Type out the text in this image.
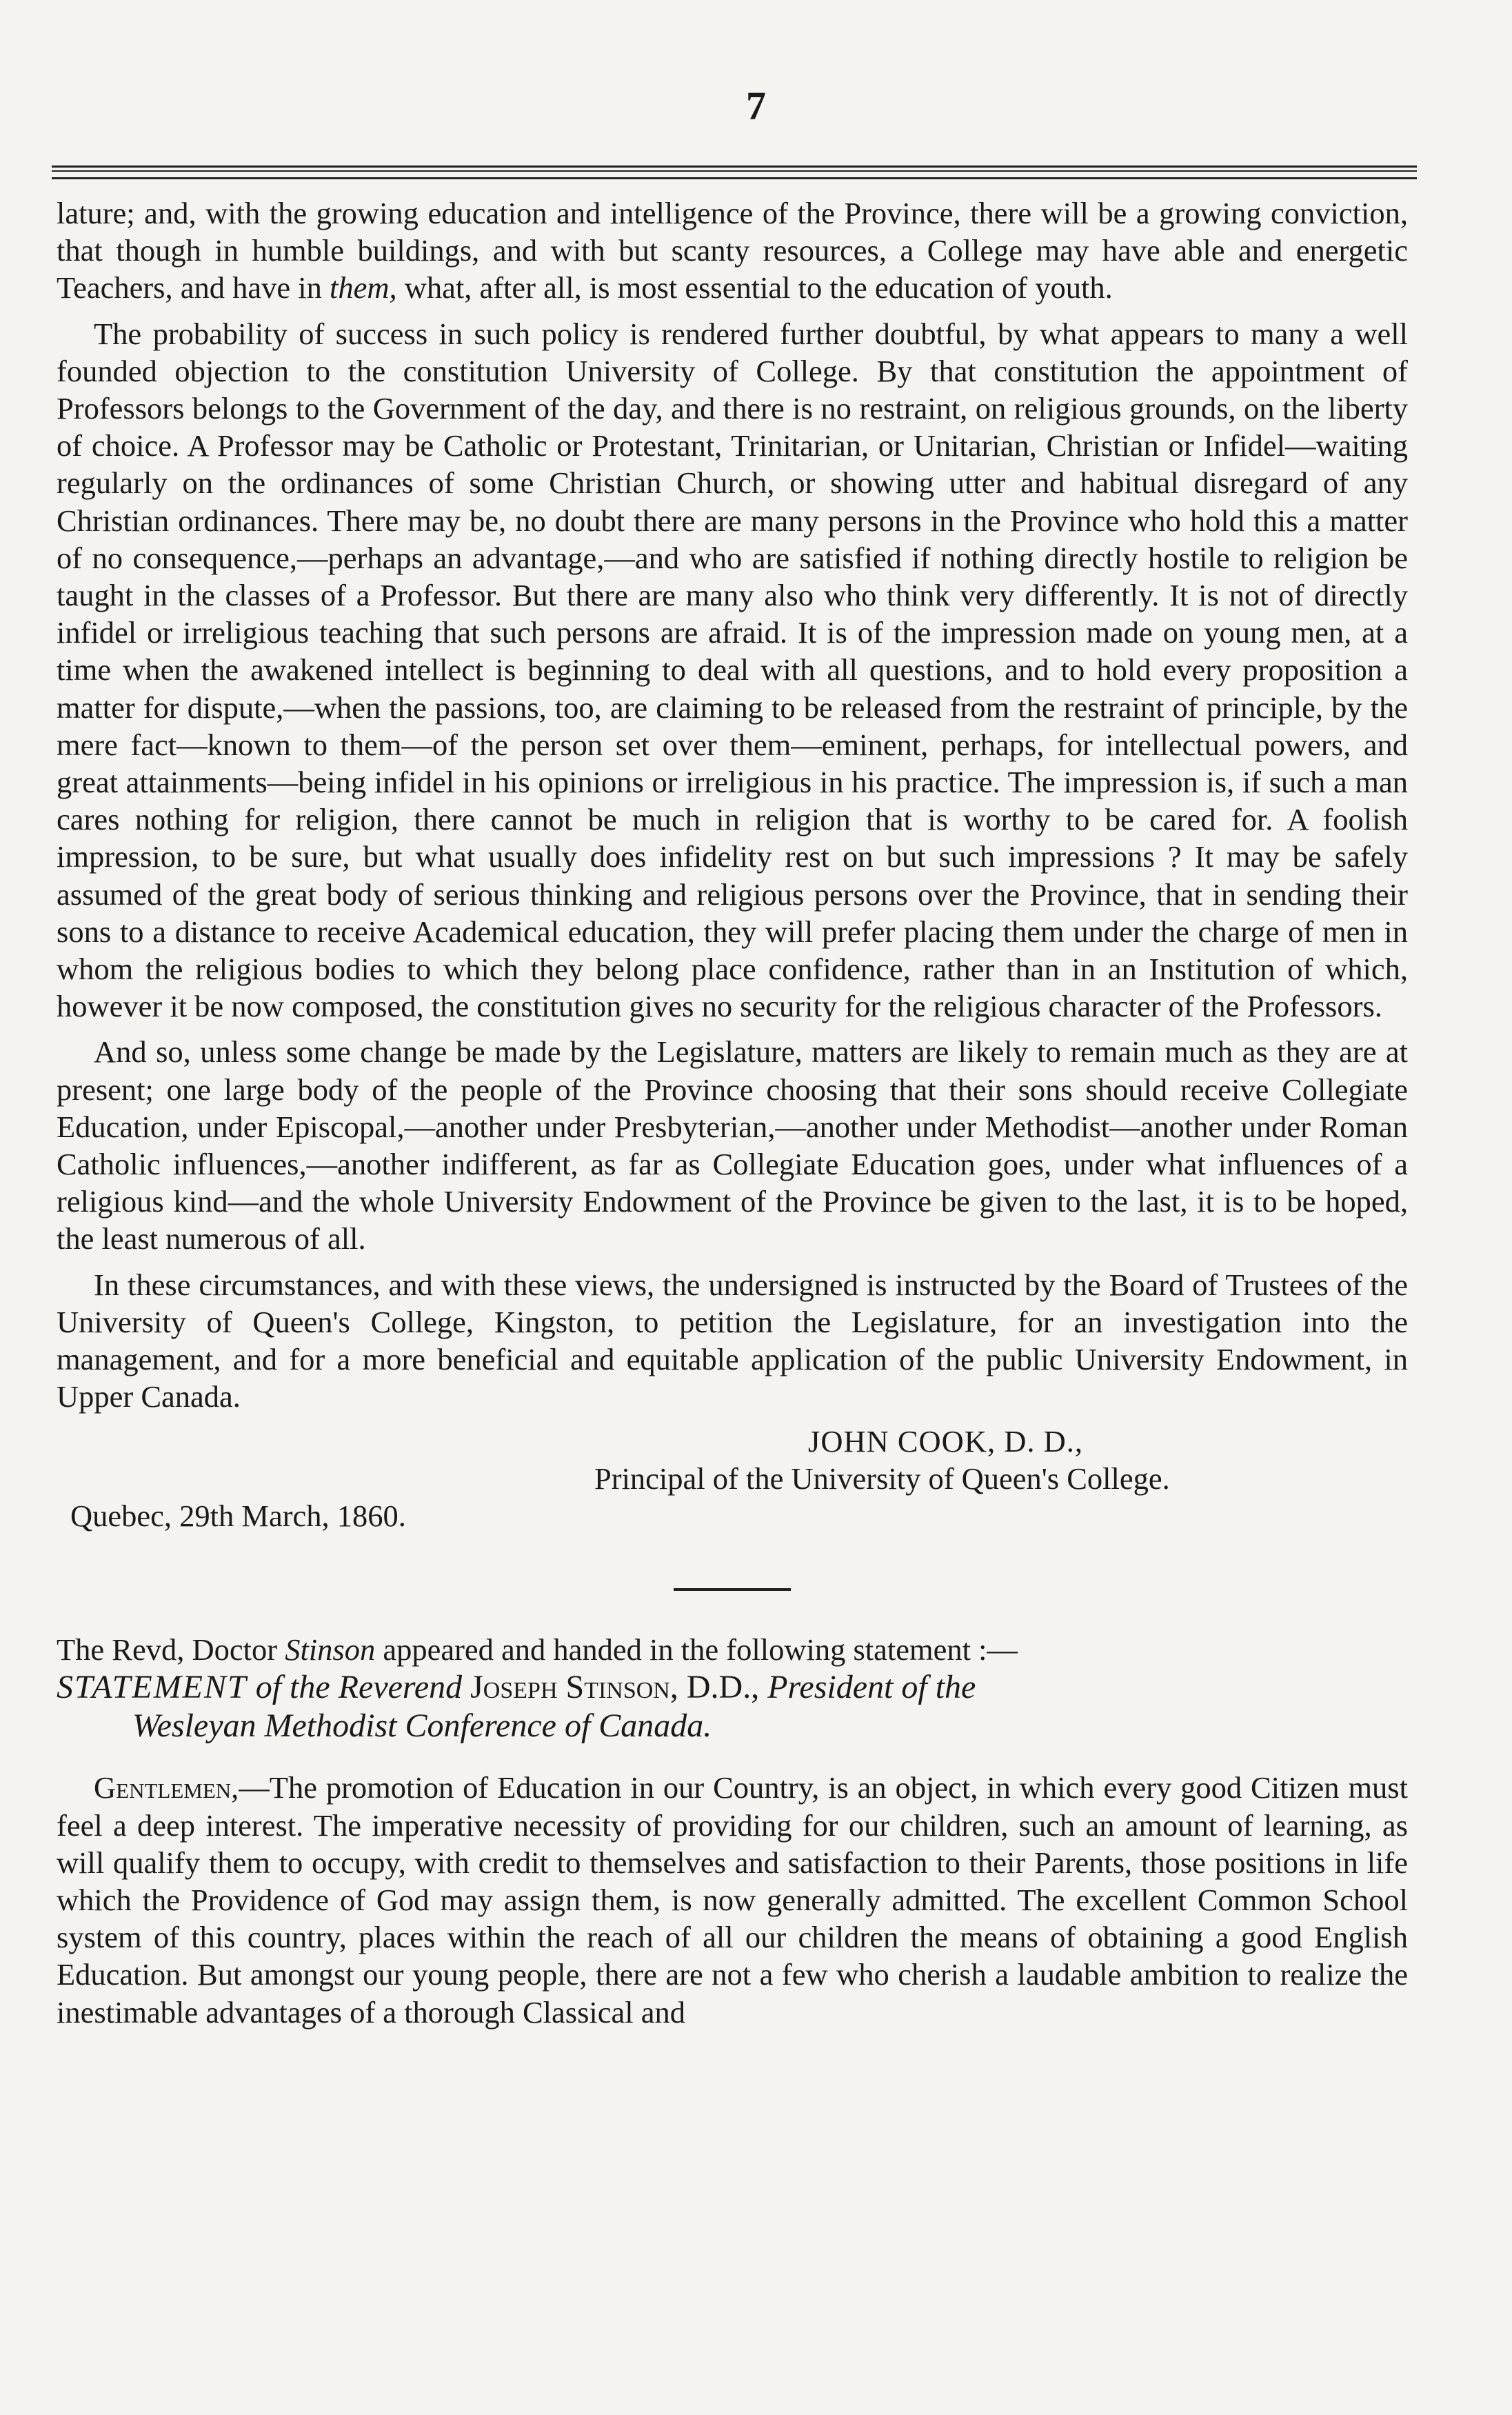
7

lature; and, with the growing education and intelligence of the Province, there will be a growing conviction, that though in humble buildings, and with but scanty resources, a College may have able and energetic Teachers, and have in them, what, after all, is most essential to the education of youth.

The probability of success in such policy is rendered further doubtful, by what appears to many a well founded objection to the constitution University of College. By that constitution the appointment of Professors belongs to the Government of the day, and there is no restraint, on religious grounds, on the liberty of choice. A Professor may be Catholic or Protestant, Trinitarian, or Unitarian, Christian or Infidel—waiting regularly on the ordinances of some Christian Church, or showing utter and habitual disregard of any Christian ordinances. There may be, no doubt there are many persons in the Province who hold this a matter of no consequence,—perhaps an advantage,—and who are satisfied if nothing directly hostile to religion be taught in the classes of a Professor. But there are many also who think very differently. It is not of directly infidel or irreligious teaching that such persons are afraid. It is of the impression made on young men, at a time when the awakened intellect is beginning to deal with all questions, and to hold every proposition a matter for dispute,—when the passions, too, are claiming to be released from the restraint of principle, by the mere fact—known to them—of the person set over them—eminent, perhaps, for intellectual powers, and great attainments—being infidel in his opinions or irreligious in his practice. The impression is, if such a man cares nothing for religion, there cannot be much in religion that is worthy to be cared for. A foolish impression, to be sure, but what usually does infidelity rest on but such impressions ? It may be safely assumed of the great body of serious thinking and religious persons over the Province, that in sending their sons to a distance to receive Academical education, they will prefer placing them under the charge of men in whom the religious bodies to which they belong place confidence, rather than in an Institution of which, however it be now composed, the constitution gives no security for the religious character of the Professors.

And so, unless some change be made by the Legislature, matters are likely to remain much as they are at present; one large body of the people of the Province choosing that their sons should receive Collegiate Education, under Episcopal,—another under Presbyterian,—another under Methodist—another under Roman Catholic influences,—another indifferent, as far as Collegiate Education goes, under what influences of a religious kind—and the whole University Endowment of the Province be given to the last, it is to be hoped, the least numerous of all.

In these circumstances, and with these views, the undersigned is instructed by the Board of Trustees of the University of Queen's College, Kingston, to petition the Legislature, for an investigation into the management, and for a more beneficial and equitable application of the public University Endowment, in Upper Canada.

JOHN COOK, D. D.,

Principal of the University of Queen's College.

Quebec, 29th March, 1860.

The Revd, Doctor Stinson appeared and handed in the following statement :—

STATEMENT of the Reverend Joseph Stinson, D.D., President of the

Wesleyan Methodist Conference of Canada.

Gentlemen,—The promotion of Education in our Country, is an object, in which every good Citizen must feel a deep interest. The imperative necessity of providing for our children, such an amount of learning, as will qualify them to occupy, with credit to themselves and satisfaction to their Parents, those positions in life which the Providence of God may assign them, is now generally admitted. The excellent Common School system of this country, places within the reach of all our children the means of obtaining a good English Education. But amongst our young people, there are not a few who cherish a laudable ambition to realize the inestimable advantages of a thorough Classical and
